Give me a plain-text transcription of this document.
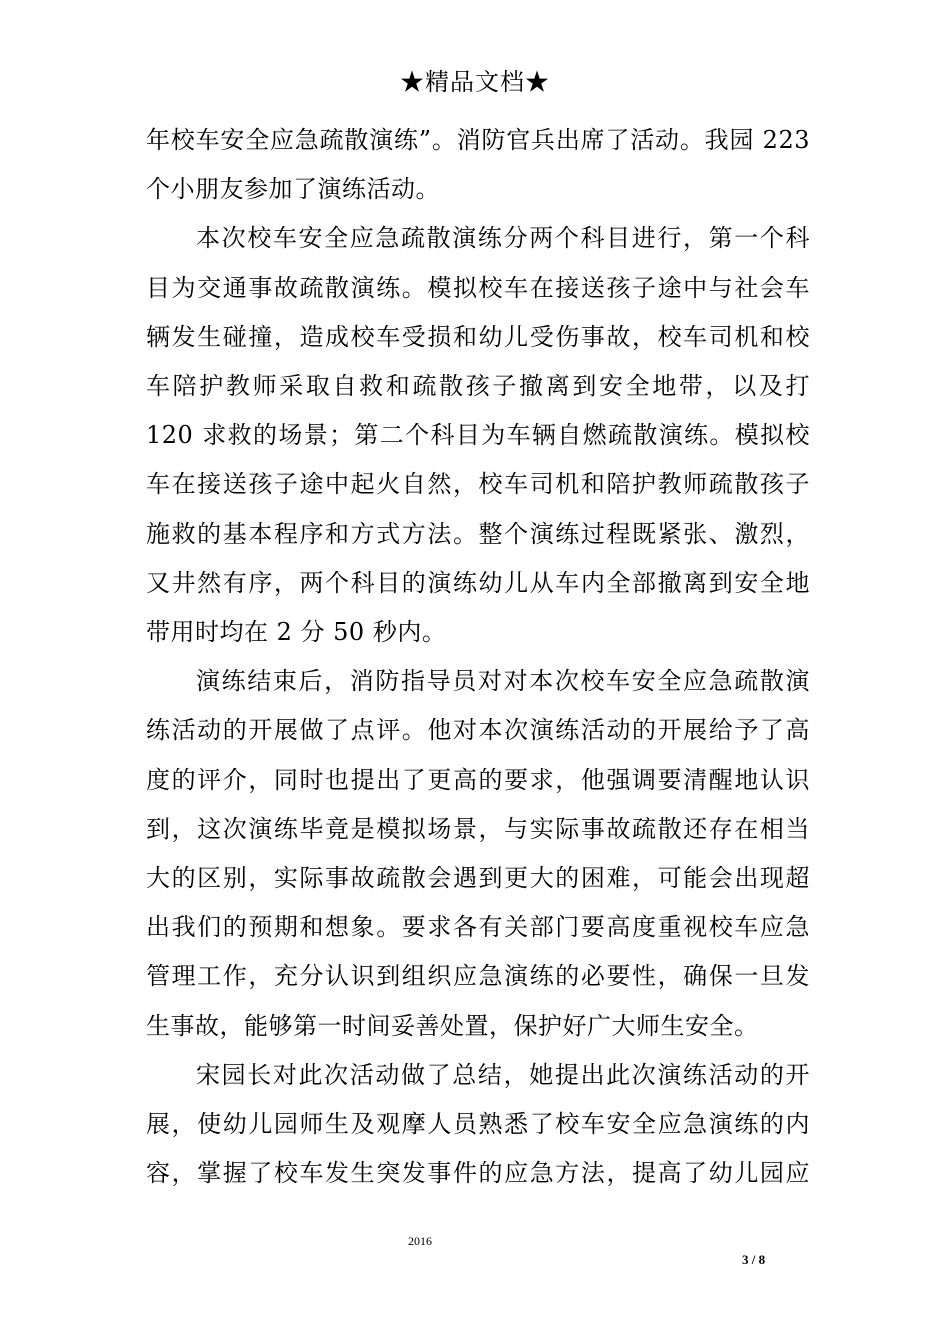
★精品文档★
年校车安全应急疏散演练”。消防官兵出席了活动。我园 223
个小朋友参加了演练活动。
本次校车安全应急疏散演练分两个科目进行，第一个科
目为交通事故疏散演练。模拟校车在接送孩子途中与社会车
辆发生碰撞，造成校车受损和幼儿受伤事故，校车司机和校
车陪护教师采取自救和疏散孩子撤离到安全地带，以及打
120 求救的场景；第二个科目为车辆自燃疏散演练。模拟校
车在接送孩子途中起火自然，校车司机和陪护教师疏散孩子
施救的基本程序和方式方法。整个演练过程既紧张、激烈，
又井然有序，两个科目的演练幼儿从车内全部撤离到安全地
带用时均在 2 分 50 秒内。
演练结束后，消防指导员对对本次校车安全应急疏散演
练活动的开展做了点评。他对本次演练活动的开展给予了高
度的评介，同时也提出了更高的要求，他强调要清醒地认识
到，这次演练毕竟是模拟场景，与实际事故疏散还存在相当
大的区别，实际事故疏散会遇到更大的困难，可能会出现超
出我们的预期和想象。要求各有关部门要高度重视校车应急
管理工作，充分认识到组织应急演练的必要性，确保一旦发
生事故，能够第一时间妥善处置，保护好广大师生安全。
宋园长对此次活动做了总结，她提出此次演练活动的开
展，使幼儿园师生及观摩人员熟悉了校车安全应急演练的内
容，掌握了校车发生突发事件的应急方法，提高了幼儿园应
2016
3 / 8
